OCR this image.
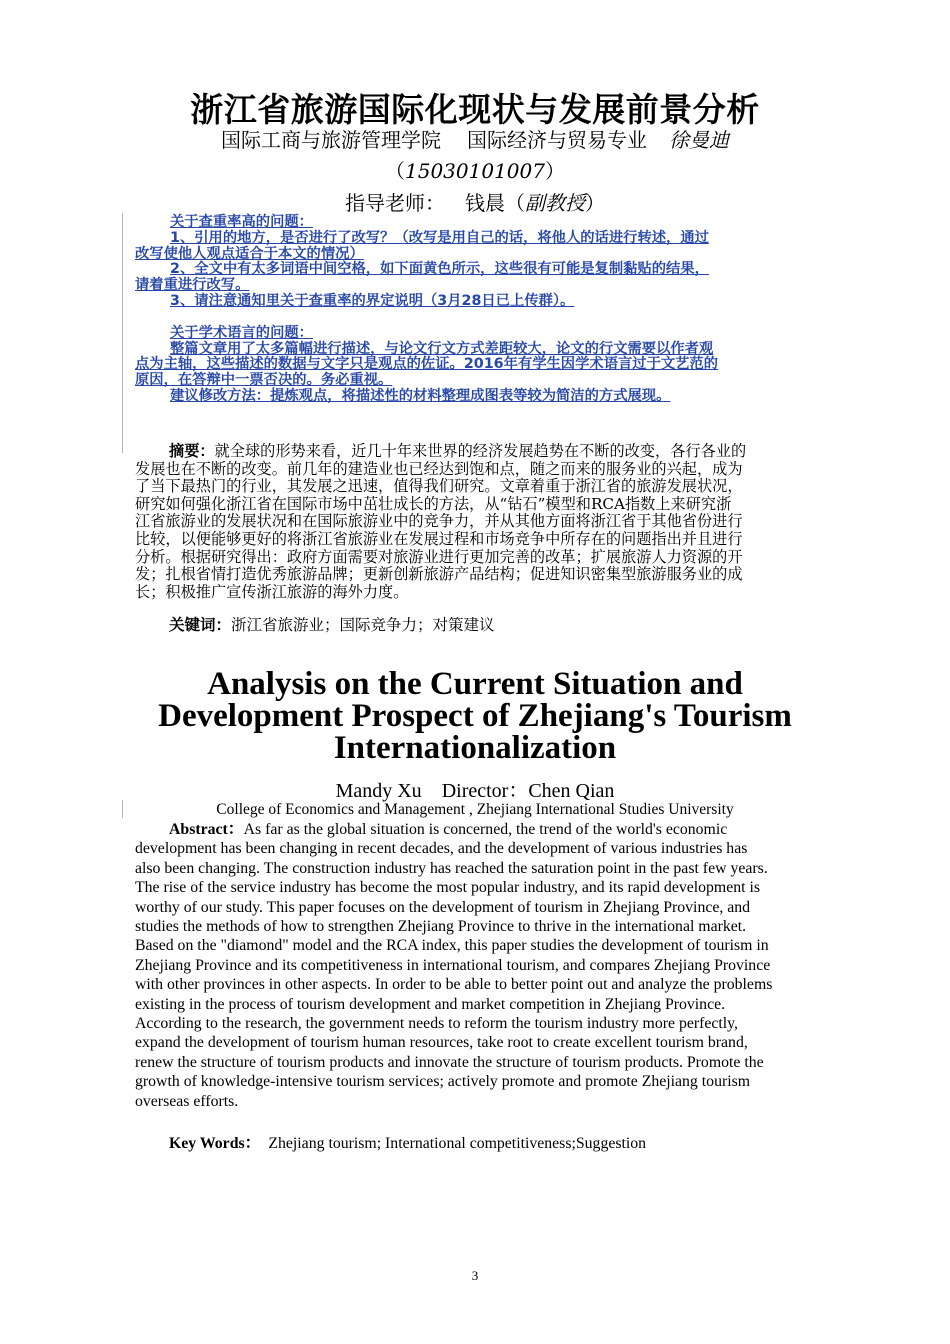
浙江省旅游国际化现状与发展前景分析
国际工商与旅游管理学院 国际经济与贸易专业 徐曼迪
（15030101007）
指导老师： 钱晨（副教授）

关于查重率高的问题：

1、引用的地方，是否进行了改写？（改写是用自己的话，将他人的话进行转述，通过

改写使他人观点适合于本文的情况）

2、全文中有太多词语中间空格，如下面黄色所示，这些很有可能是复制黏贴的结果，

请着重进行改写。

3、请注意通知里关于查重率的界定说明（3月28日已上传群）。

关于学术语言的问题：

整篇文章用了太多篇幅进行描述，与论文行文方式差距较大，论文的行文需要以作者观

点为主轴，这些描述的数据与文字只是观点的佐证。2016年有学生因学术语言过于文艺范的

原因，在答辩中一票否决的。务必重视。

建议修改方法：提炼观点，将描述性的材料整理成图表等较为简洁的方式展现。

摘要：就全球的形势来看，近几十年来世界的经济发展趋势在不断的改变，各行各业的
发展也在不断的改变。前几年的建造业也已经达到饱和点，随之而来的服务业的兴起，成为
了当下最热门的行业，其发展之迅速，值得我们研究。文章着重于浙江省的旅游发展状况，
研究如何强化浙江省在国际市场中茁壮成长的方法，从“钻石”模型和RCA指数上来研究浙
江省旅游业的发展状况和在国际旅游业中的竞争力，并从其他方面将浙江省于其他省份进行
比较，以便能够更好的将浙江省旅游业在发展过程和市场竞争中所存在的问题指出并且进行
分析。根据研究得出：政府方面需要对旅游业进行更加完善的改革；扩展旅游人力资源的开
发；扎根省情打造优秀旅游品牌；更新创新旅游产品结构；促进知识密集型旅游服务业的成
长；积极推广宣传浙江旅游的海外力度。
关键词：浙江省旅游业；国际竞争力；对策建议
Analysis on the Current Situation and
Development Prospect of Zhejiang's Tourism
Internationalization
Mandy Xu Director：Chen Qian
College of Economics and Management , Zhejiang International Studies University
Abstract：As far as the global situation is concerned, the trend of the world's economic
development has been changing in recent decades, and the development of various industries has
also been changing. The construction industry has reached the saturation point in the past few years.
The rise of the service industry has become the most popular industry, and its rapid development is
worthy of our study. This paper focuses on the development of tourism in Zhejiang Province, and
studies the methods of how to strengthen Zhejiang Province to thrive in the international market.
Based on the "diamond" model and the RCA index, this paper studies the development of tourism in
Zhejiang Province and its competitiveness in international tourism, and compares Zhejiang Province
with other provinces in other aspects. In order to be able to better point out and analyze the problems
existing in the process of tourism development and market competition in Zhejiang Province.
According to the research, the government needs to reform the tourism industry more perfectly,
expand the development of tourism human resources, take root to create excellent tourism brand,
renew the structure of tourism products and innovate the structure of tourism products. Promote the
growth of knowledge-intensive tourism services; actively promote and promote Zhejiang tourism
overseas efforts.
Key Words： Zhejiang tourism; International competitiveness;Suggestion
3
